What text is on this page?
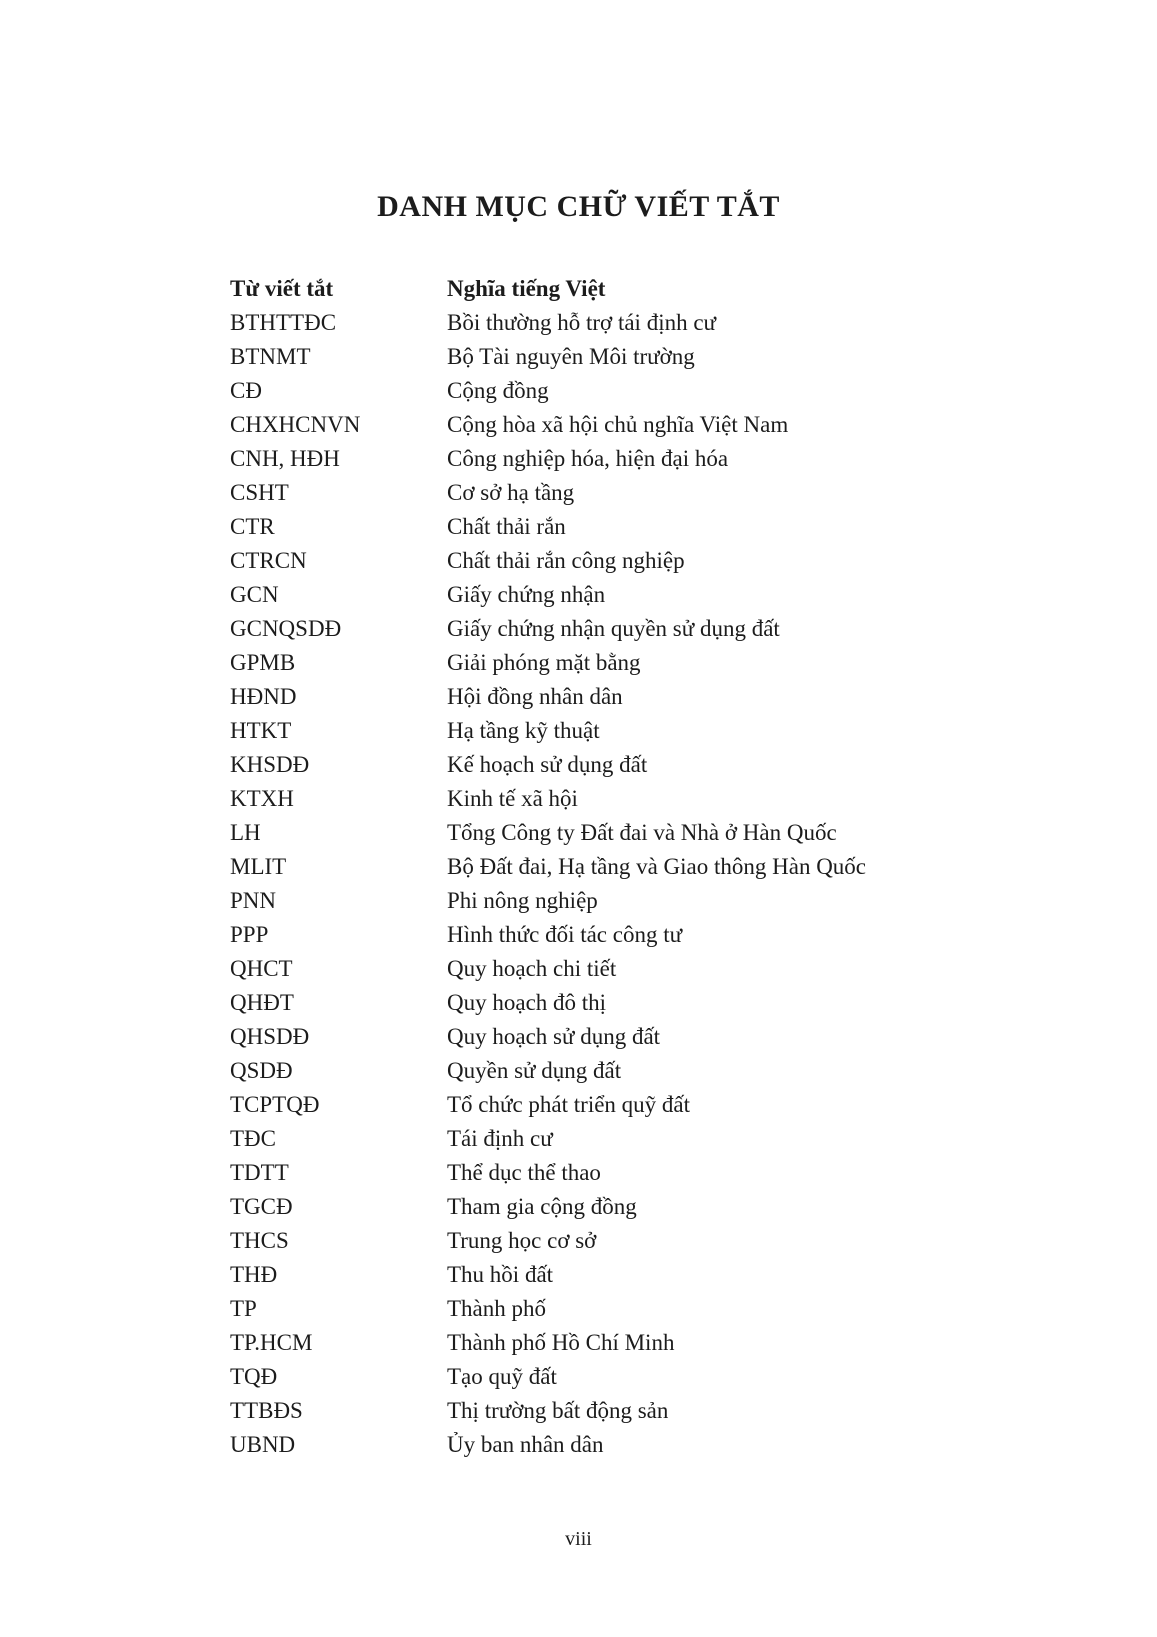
DANH MỤC CHỮ VIẾT TẮT
Từ viết tắt	Nghĩa tiếng Việt
BTHTTĐC	Bồi thường hỗ trợ tái định cư
BTNMT	Bộ Tài nguyên Môi trường
CĐ	Cộng đồng
CHXHCNVN	Cộng hòa xã hội chủ nghĩa Việt Nam
CNH, HĐH	Công nghiệp hóa, hiện đại hóa
CSHT	Cơ sở hạ tầng
CTR	Chất thải rắn
CTRCN	Chất thải rắn công nghiệp
GCN	Giấy chứng nhận
GCNQSDĐ	Giấy chứng nhận quyền sử dụng đất
GPMB	Giải phóng mặt bằng
HĐND	Hội đồng nhân dân
HTKT	Hạ tầng kỹ thuật
KHSDĐ	Kế hoạch sử dụng đất
KTXH	Kinh tế xã hội
LH	Tổng Công ty Đất đai và Nhà ở Hàn Quốc
MLIT	Bộ Đất đai, Hạ tầng và Giao thông Hàn Quốc
PNN	Phi nông nghiệp
PPP	Hình thức đối tác công tư
QHCT	Quy hoạch chi tiết
QHĐT	Quy hoạch đô thị
QHSDĐ	Quy hoạch sử dụng đất
QSDĐ	Quyền sử dụng đất
TCPTQĐ	Tổ chức phát triển quỹ đất
TĐC	Tái định cư
TDTT	Thể dục thể thao
TGCĐ	Tham gia cộng đồng
THCS	Trung học cơ sở
THĐ	Thu hồi đất
TP	Thành phố
TP.HCM	Thành phố Hồ Chí Minh
TQĐ	Tạo quỹ đất
TTBĐS	Thị trường bất động sản
UBND	Ủy ban nhân dân
viii
